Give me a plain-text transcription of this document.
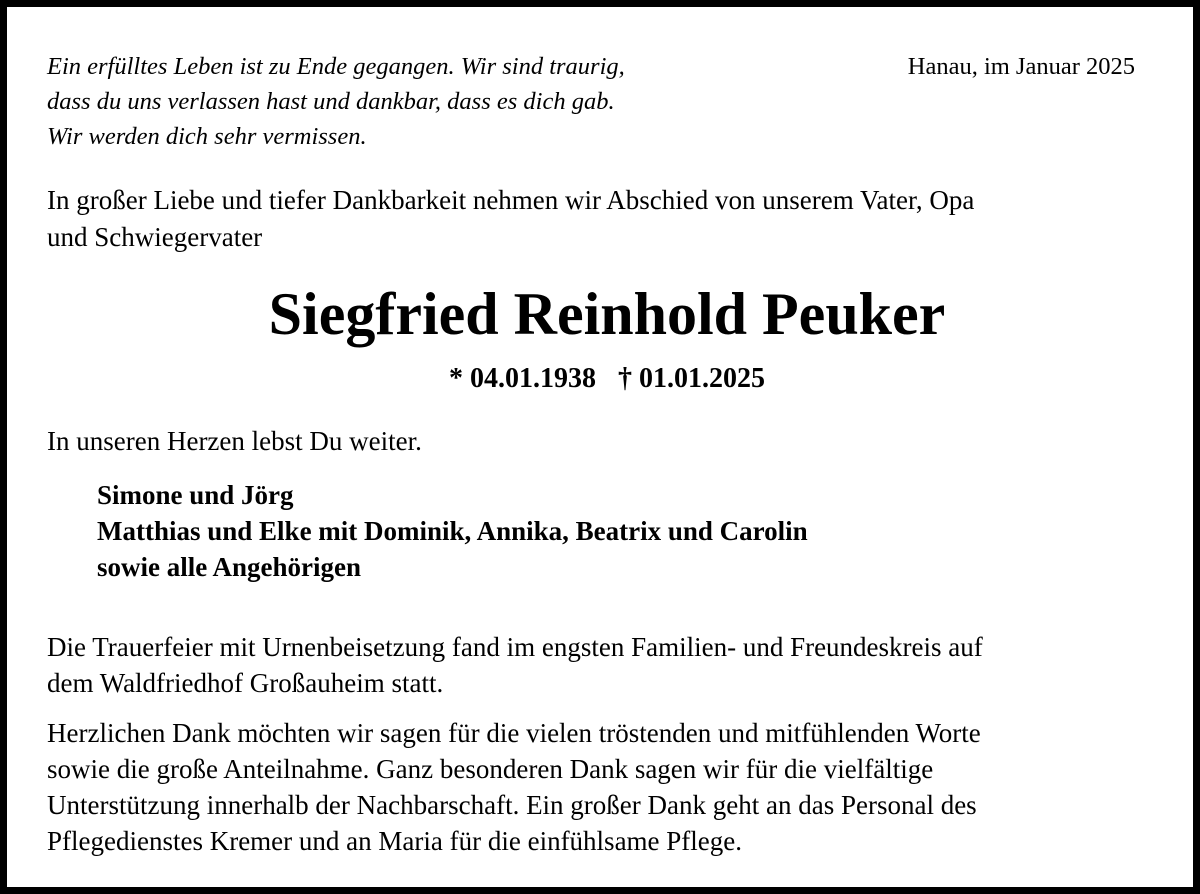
Ein erfülltes Leben ist zu Ende gegangen. Wir sind traurig,
dass du uns verlassen hast und dankbar, dass es dich gab.
Wir werden dich sehr vermissen.
Hanau, im Januar 2025
In großer Liebe und tiefer Dankbarkeit nehmen wir Abschied von unserem Vater, Opa
und Schwiegervater
Siegfried Reinhold Peuker
* 04.01.1938 † 01.01.2025
In unseren Herzen lebst Du weiter.
Simone und Jörg
Matthias und Elke mit Dominik, Annika, Beatrix und Carolin
sowie alle Angehörigen
Die Trauerfeier mit Urnenbeisetzung fand im engsten Familien- und Freundeskreis auf
dem Waldfriedhof Großauheim statt.
Herzlichen Dank möchten wir sagen für die vielen tröstenden und mitfühlenden Worte
sowie die große Anteilnahme. Ganz besonderen Dank sagen wir für die vielfältige
Unterstützung innerhalb der Nachbarschaft. Ein großer Dank geht an das Personal des
Pflegedienstes Kremer und an Maria für die einfühlsame Pflege.
